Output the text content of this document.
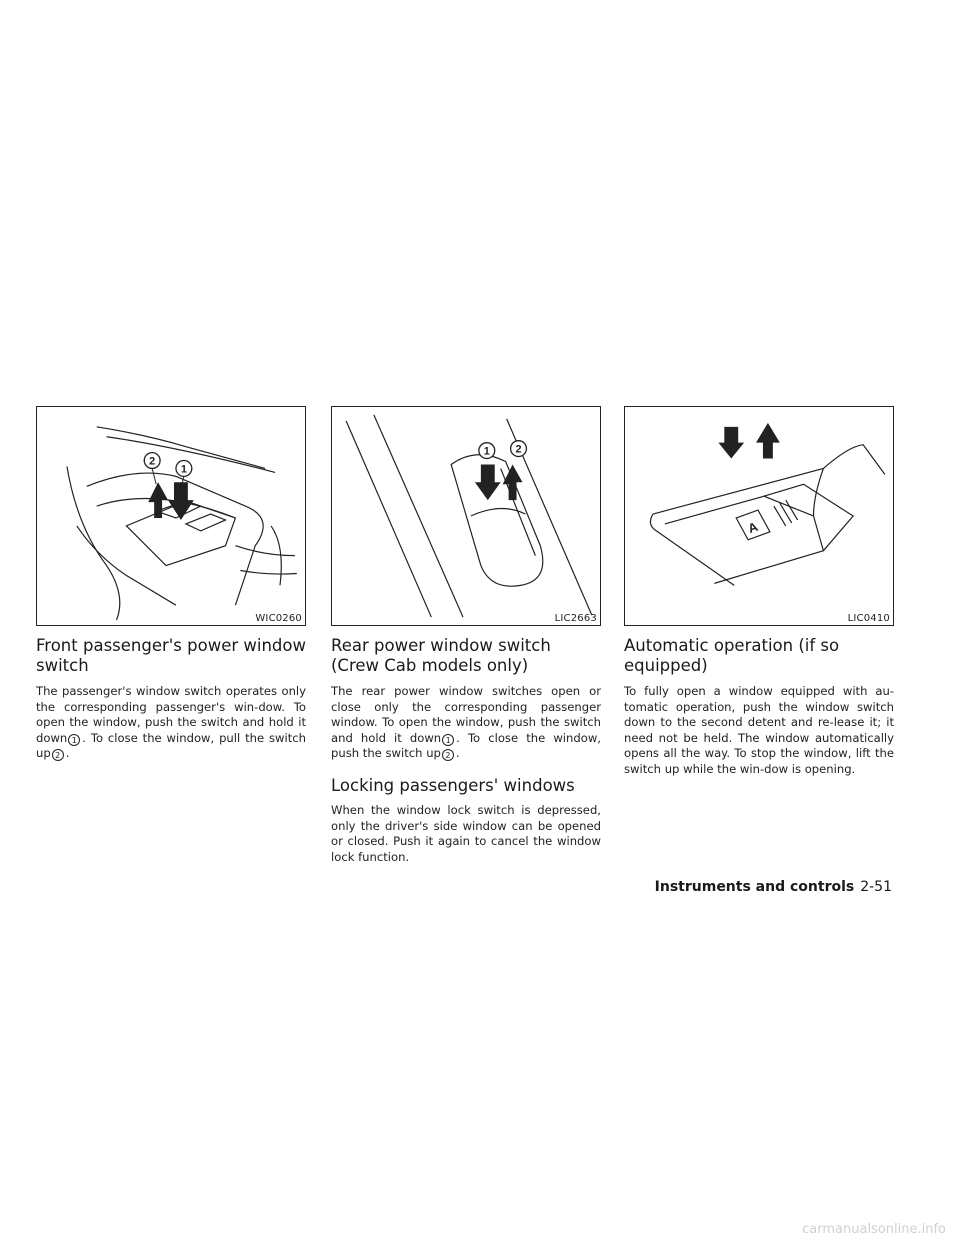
2
1
WIC0260
Front passenger's power window switch

The passenger's window switch operates only the corresponding passenger's win-dow. To open the window, push the switch and hold it down 1 . To close the window, pull the switch up 2 .

1 2
LIC2663
Rear power window switch (Crew Cab models only)

The rear power window switches open or close only the corresponding passenger window. To open the window, push the switch and hold it down 1 . To close the window, push the switch up 2 .

Locking passengers' windows

When the window lock switch is depressed, only the driver's side window can be opened or closed. Push it again to cancel the window lock function.

A
LIC0410
Automatic operation (if so equipped)

To fully open a window equipped with au-tomatic operation, push the window switch down to the second detent and re-lease it; it need not be held. The window automatically opens all the way. To stop the window, lift the switch up while the win-dow is opening.

Instruments and controls 2-51
carmanualsonline.info
